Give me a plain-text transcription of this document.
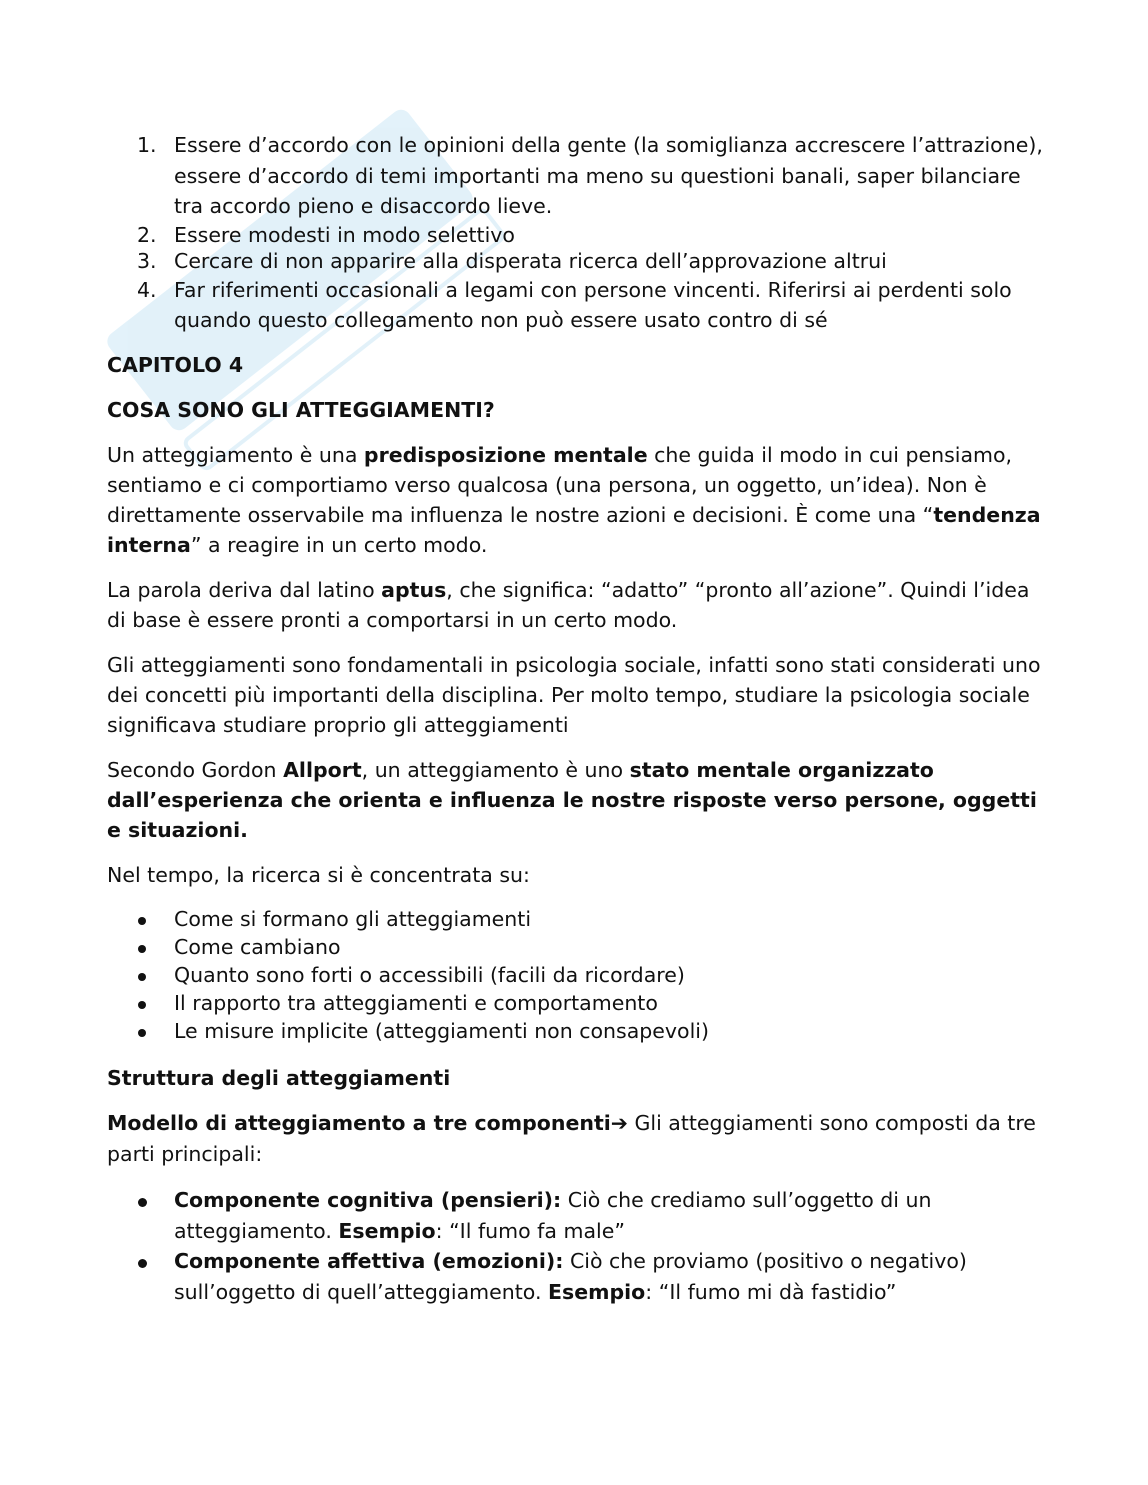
1. Essere d’accordo con le opinioni della gente (la somiglianza accrescere l’attrazione), essere d’accordo di temi importanti ma meno su questioni banali, saper bilanciare tra accordo pieno e disaccordo lieve.
2. Essere modesti in modo selettivo
3. Cercare di non apparire alla disperata ricerca dell’approvazione altrui
4. Far riferimenti occasionali a legami con persone vincenti. Riferirsi ai perdenti solo quando questo collegamento non può essere usato contro di sé
CAPITOLO 4
COSA SONO GLI ATTEGGIAMENTI?

Un atteggiamento è una predisposizione mentale che guida il modo in cui pensiamo, sentiamo e ci comportiamo verso qualcosa (una persona, un oggetto, un’idea). Non è direttamente osservabile ma influenza le nostre azioni e decisioni. È come una “tendenza interna” a reagire in un certo modo.

La parola deriva dal latino aptus, che significa: “adatto” “pronto all’azione”. Quindi l’idea di base è essere pronti a comportarsi in un certo modo.

Gli atteggiamenti sono fondamentali in psicologia sociale, infatti sono stati considerati uno dei concetti più importanti della disciplina. Per molto tempo, studiare la psicologia sociale significava studiare proprio gli atteggiamenti

Secondo Gordon Allport, un atteggiamento è uno stato mentale organizzato dall’esperienza che orienta e influenza le nostre risposte verso persone, oggetti e situazioni.

Nel tempo, la ricerca si è concentrata su:

Come si formano gli atteggiamenti
Come cambiano
Quanto sono forti o accessibili (facili da ricordare)
Il rapporto tra atteggiamenti e comportamento
Le misure implicite (atteggiamenti non consapevoli)
Struttura degli atteggiamenti

Modello di atteggiamento a tre componenti➔ Gli atteggiamenti sono composti da tre parti principali:

Componente cognitiva (pensieri): Ciò che crediamo sull’oggetto di un atteggiamento. Esempio: “Il fumo fa male”
Componente affettiva (emozioni): Ciò che proviamo (positivo o negativo) sull’oggetto di quell’atteggiamento. Esempio: “Il fumo mi dà fastidio”
